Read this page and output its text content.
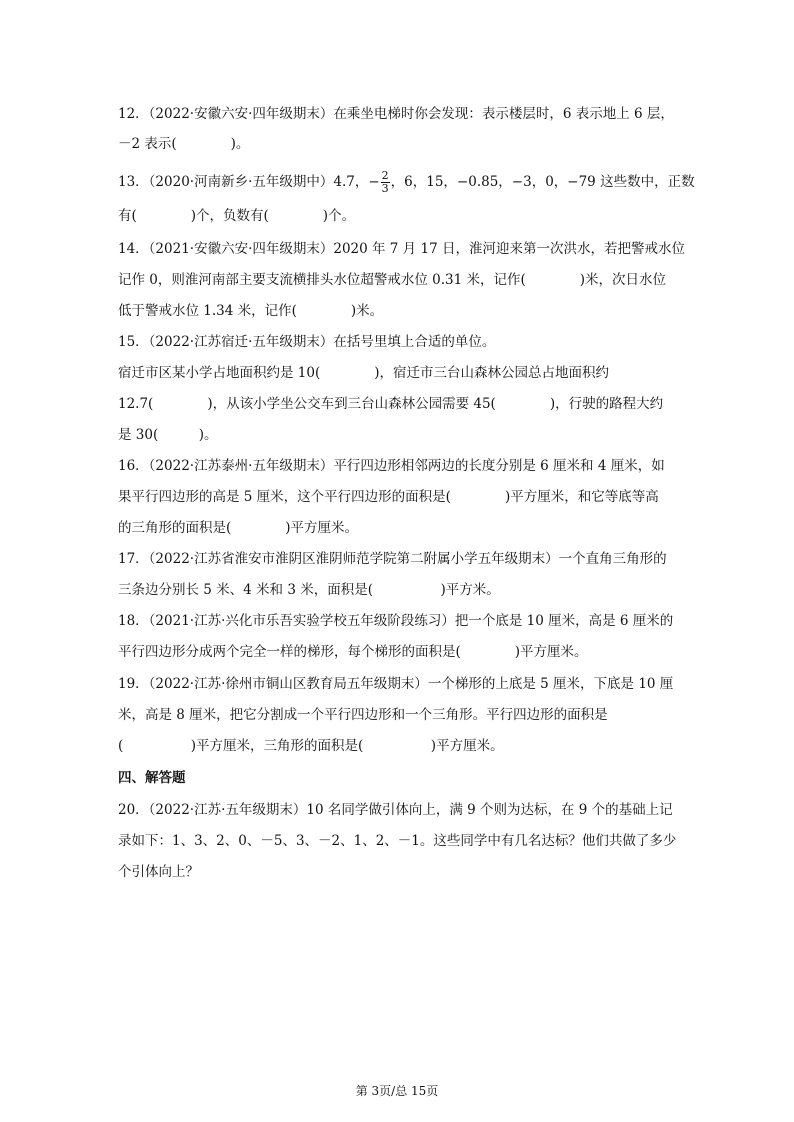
12．（2022·安徽六安·四年级期末）在乘坐电梯时你会发现：表示楼层时，6 表示地上 6 层，
－2 表示(　　　　)。
13．（2020·河南新乡·五年级期中）4.7，− $\frac{2}{3}$ ，6，15，−0.85，−3，0，−79 这些数中，正数
有(　　　　)个，负数有(　　　　)个。
14．（2021·安徽六安·四年级期末）2020 年 7 月 17 日，淮河迎来第一次洪水，若把警戒水位
记作 0，则淮河南部主要支流横排头水位超警戒水位 0.31 米，记作(　　　　)米，次日水位
低于警戒水位 1.34 米，记作(　　　　)米。
15．（2022·江苏宿迁·五年级期末）在括号里填上合适的单位。
宿迁市区某小学占地面积约是 10(　　　　)，宿迁市三台山森林公园总占地面积约
12.7(　　　　)，从该小学坐公交车到三台山森林公园需要 45(　　　　)，行驶的路程大约
是 30(　　　)。
16．（2022·江苏泰州·五年级期末）平行四边形相邻两边的长度分别是 6 厘米和 4 厘米，如
果平行四边形的高是 5 厘米，这个平行四边形的面积是(　　　　)平方厘米，和它等底等高
的三角形的面积是(　　　　)平方厘米。
17．（2022·江苏省淮安市淮阴区淮阴师范学院第二附属小学五年级期末）一个直角三角形的
三条边分别长 5 米、4 米和 3 米，面积是(　　　　　)平方米。
18．（2021·江苏·兴化市乐吾实验学校五年级阶段练习）把一个底是 10 厘米，高是 6 厘米的
平行四边形分成两个完全一样的梯形，每个梯形的面积是(　　　　)平方厘米。
19．（2022·江苏·徐州市铜山区教育局五年级期末）一个梯形的上底是 5 厘米，下底是 10 厘
米，高是 8 厘米，把它分割成一个平行四边形和一个三角形。平行四边形的面积是
(　　　　　)平方厘米，三角形的面积是(　　　　　)平方厘米。
四、解答题
20．（2022·江苏·五年级期末）10 名同学做引体向上，满 9 个则为达标，在 9 个的基础上记
录如下：1、3、2、0、－5、3、－2、1、2、－1。这些同学中有几名达标？他们共做了多少
个引体向上？
第 3页/总 15页
